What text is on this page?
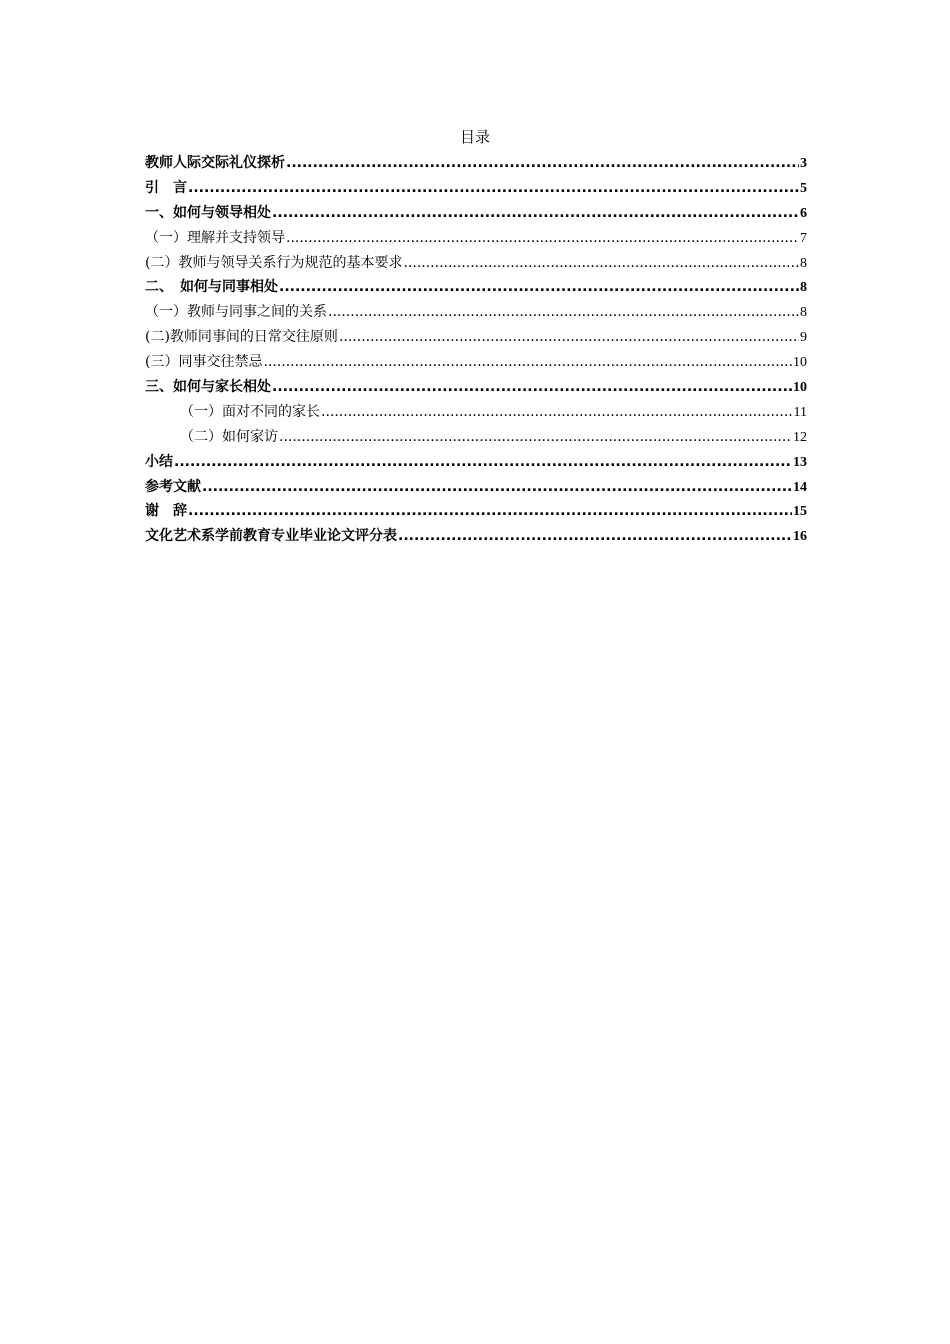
目录
教师人际交际礼仪探析 .....	3
引　言 .....	5
一、如何与领导相处 .....	6
（一）理解并支持领导 .....	7
(二）教师与领导关系行为规范的基本要求 .....	8
二、　如何与同事相处 .....	8
（一）教师与同事之间的关系 .....	8
(二)教师同事间的日常交往原则 .....	9
(三）同事交往禁忌 .....	10
三、如何与家长相处 .....	10
（一）面对不同的家长 .....	11
（二）如何家访 .....	12
小结 .....	13
参考文献 .....	14
谢　辞 .....	15
文化艺术系学前教育专业毕业论文评分表 .....	16
